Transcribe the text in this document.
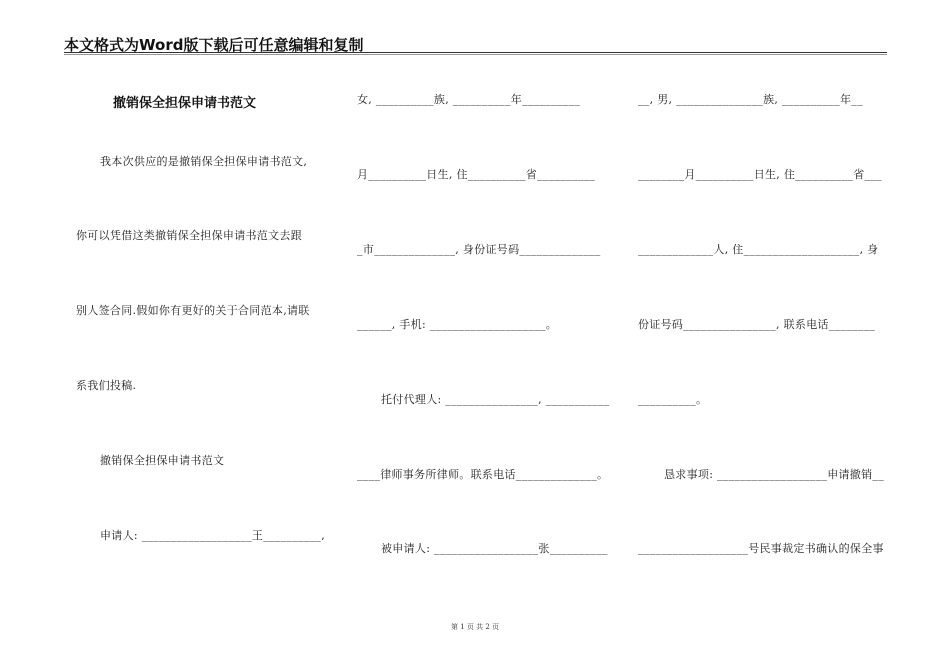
本文格式为Word版下载后可任意编辑和复制
撤销保全担保申请书范文
我本次供应的是撤销保全担保申请书范文,
你可以凭借这类撤销保全担保申请书范文去跟
别人签合同.假如你有更好的关于合同范本,请联
系我们投稿.
撤销保全担保申请书范文
申请人: ___________________王__________,
女, __________族, __________年__________
月__________日生, 住__________省__________
_市______________, 身份证号码______________
______, 手机: ____________________。
托付代理人: ________________, ___________
____律师事务所律师。联系电话______________。
被申请人: __________________张__________
__, 男, _______________族, __________年__
________月__________日生, 住__________省___
_____________人, 住____________________, 身
份证号码________________, 联系电话________
__________。
恳求事项: ___________________申请撤销__
___________________号民事裁定书确认的保全事
第 1 页 共 2 页
